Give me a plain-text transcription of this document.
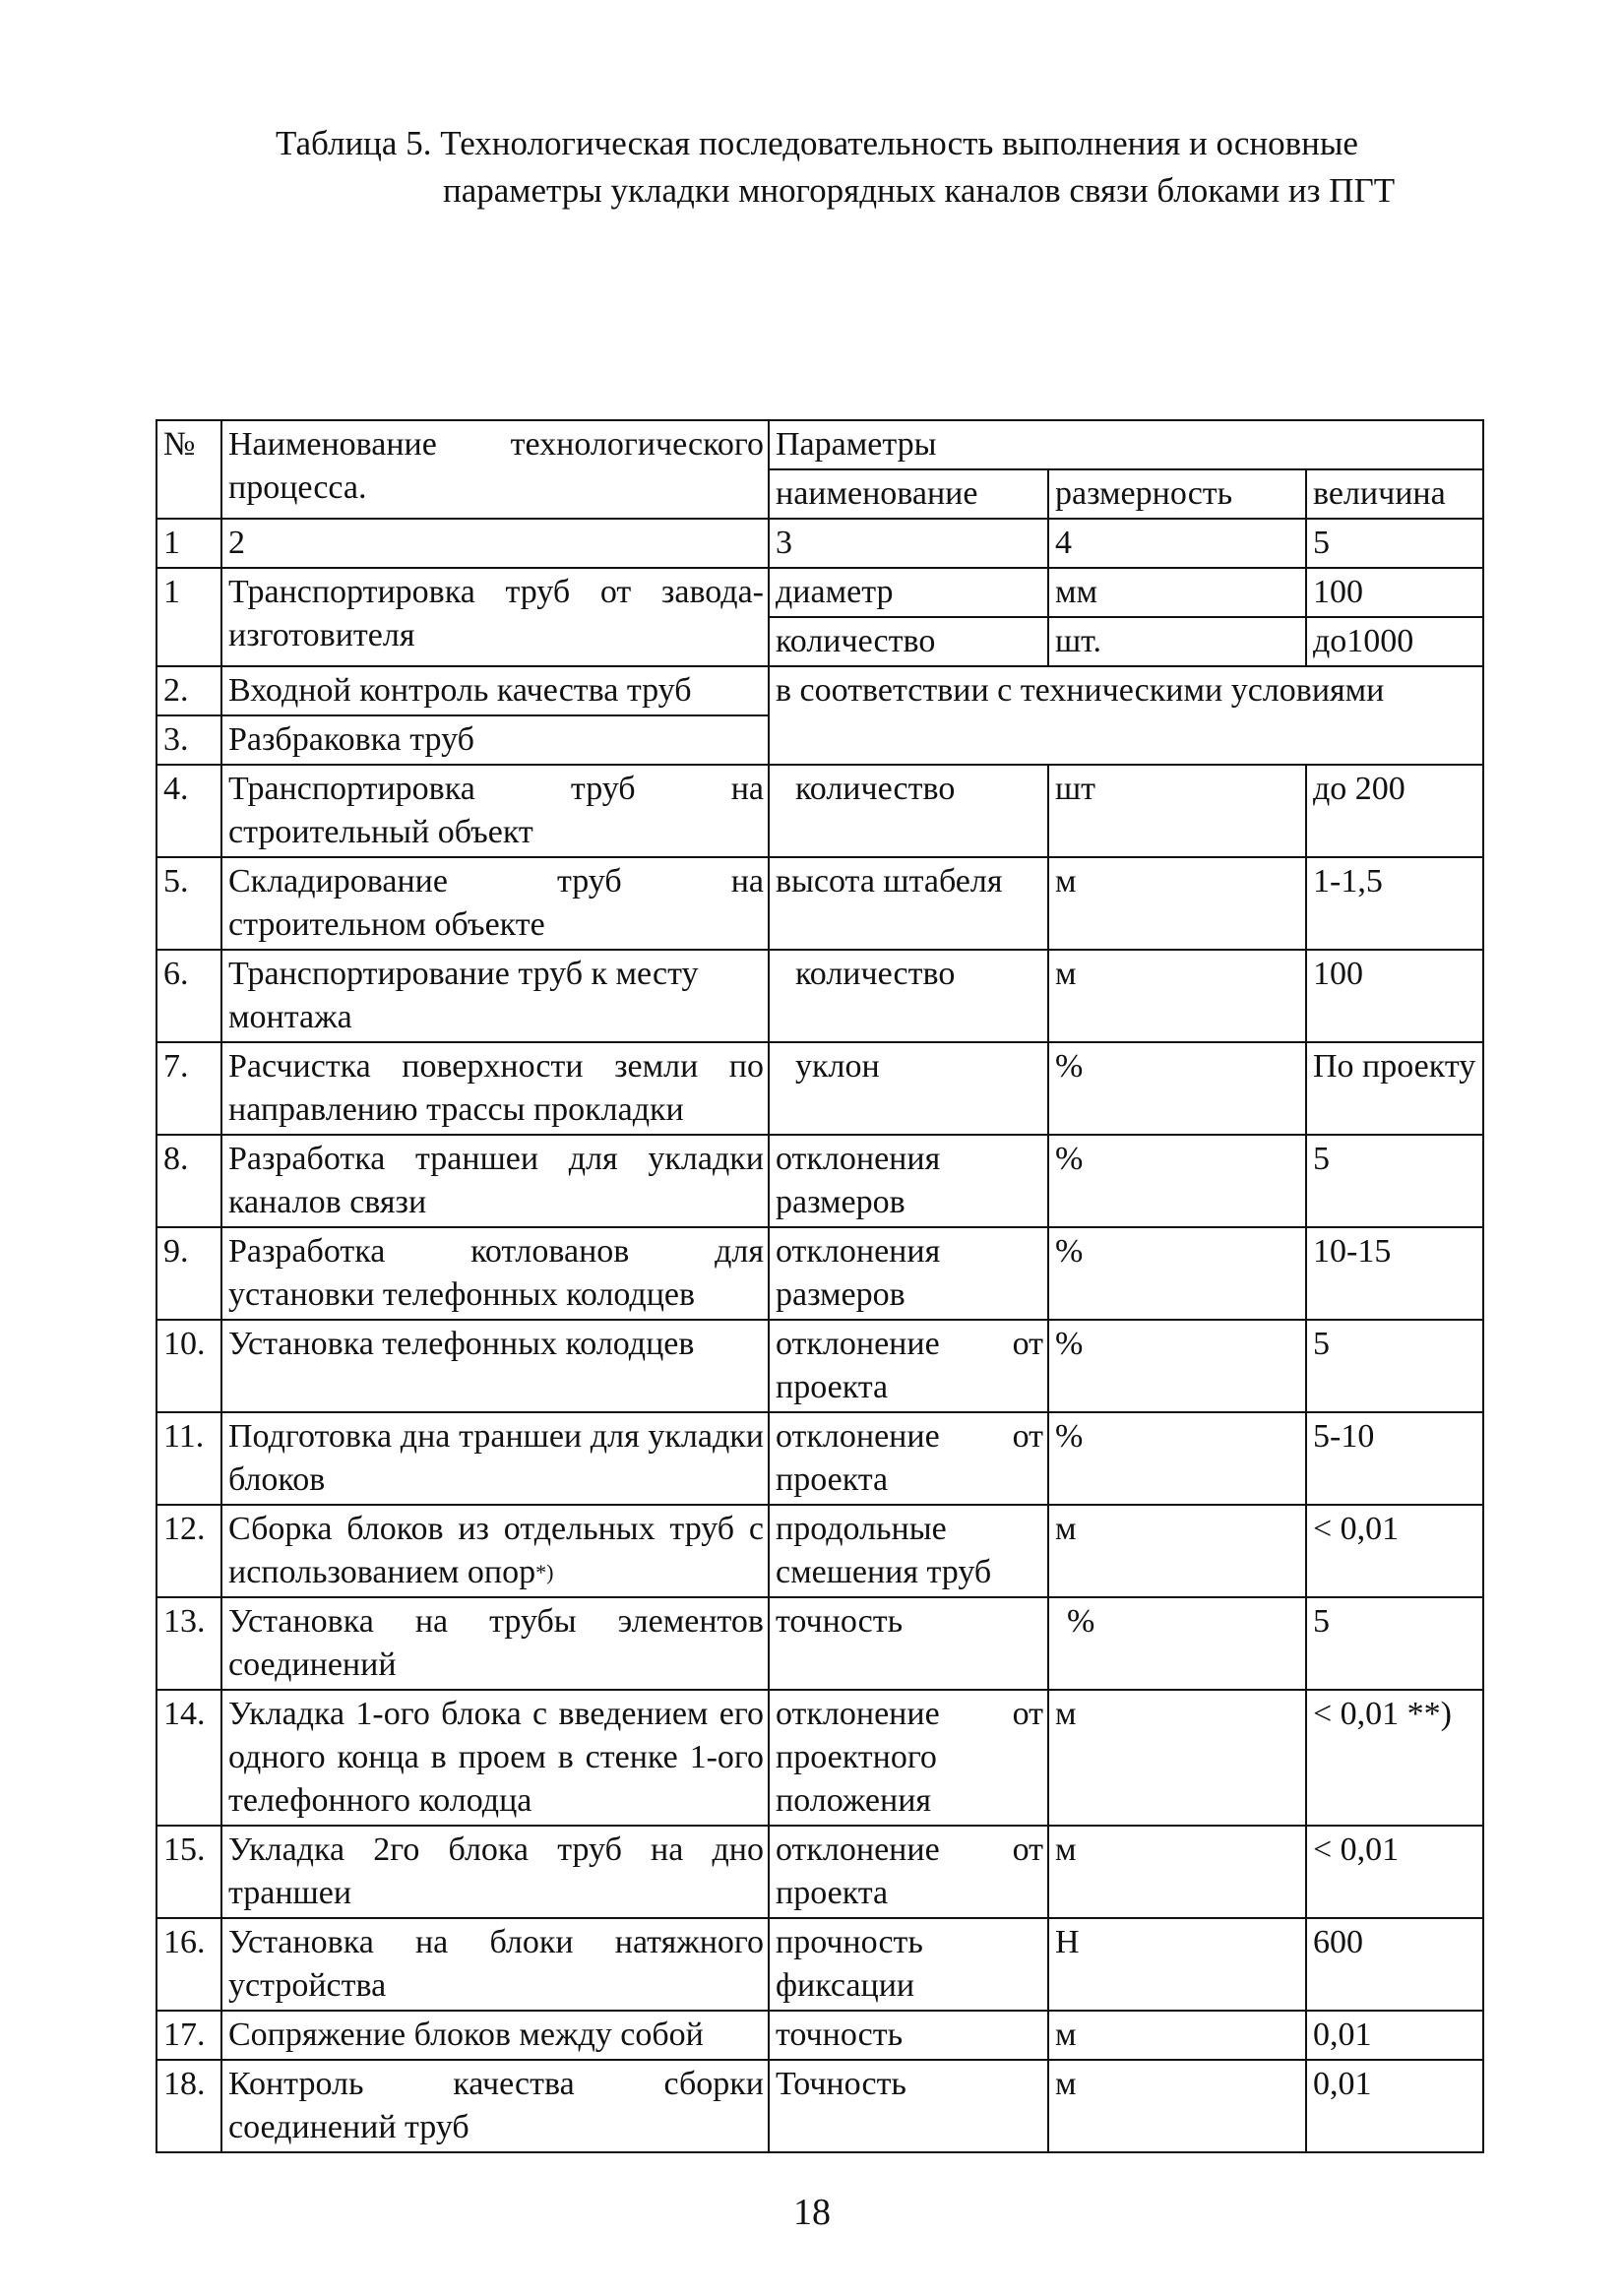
Таблица 5. Технологическая последовательность выполнения и основные
параметры укладки многорядных каналов связи блоками из ПГТ
№	Наименование технологического процесса.	Параметры		
		наименование	размерность	величина
1	2	3	4	5
1	Транспортировка труб от завода-изготовителя	диаметр	мм	100
		количество	шт.	до1000
2.	Входной контроль качества труб	в соответствии с техническими условиями		
3.	Разбраковка труб			
4.	Транспортировка труб на строительный объект	количество	шт	до 200
5.	Складирование труб на строительном объекте	высота штабеля	м	1-1,5
6.	Транспортирование труб к месту монтажа	количество	м	100
7.	Расчистка поверхности земли по направлению трассы прокладки	уклон	%	По проекту
8.	Разработка траншеи для укладки каналов связи	отклонения размеров	%	5
9.	Разработка котлованов для установки телефонных колодцев	отклонения размеров	%	10-15
10.	Установка телефонных колодцев	отклонение от проекта	%	5
11.	Подготовка дна траншеи для укладки блоков	отклонение от проекта	%	5-10
12.	Сборка блоков из отдельных труб с использованием опор*)	продольные смешения труб	м	< 0,01
13.	Установка на трубы элементов соединений	точность	%	5
14.	Укладка 1-ого блока с введением его одного конца в проем в стенке 1-ого телефонного колодца	отклонение от проектного положения	м	< 0,01 **)
15.	Укладка 2го блока труб на дно траншеи	отклонение от проекта	м	< 0,01
16.	Установка на блоки натяжного устройства	прочность фиксации	Н	600
17.	Сопряжение блоков между собой	точность	м	0,01
18.	Контроль качества сборки соединений труб	Точность	м	0,01
18
